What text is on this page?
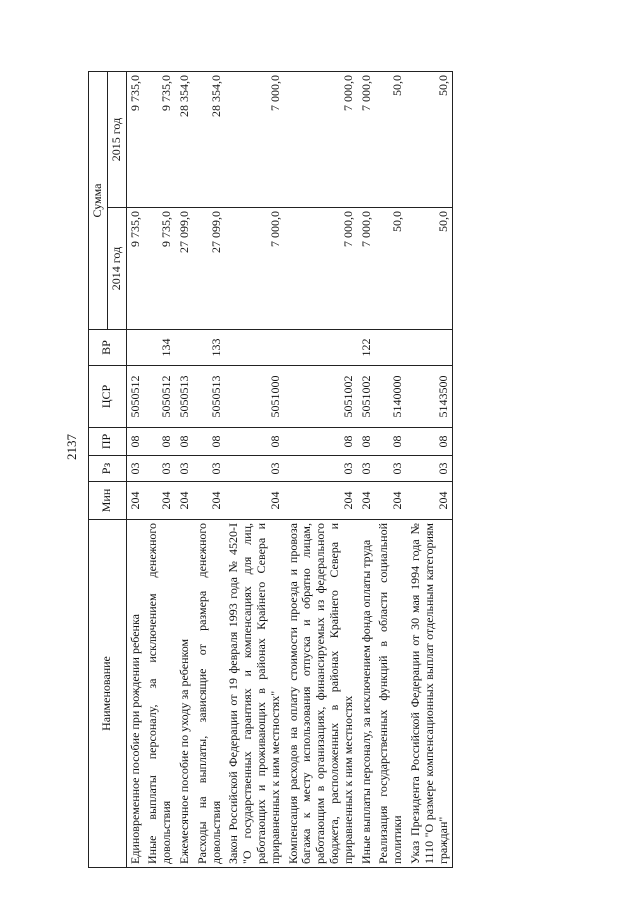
2137
Наименование	Мин	Рз	ПР	ЦСР	ВР	Сумма	
						2014 год	2015 год
Единовременное пособие при рождении ребенка	204	03	08	5050512		9 735,0	9 735,0
Иные выплаты персоналу, за исключением денежного довольствия	204	03	08	5050512	134	9 735,0	9 735,0
Ежемесячное пособие по уходу за ребенком	204	03	08	5050513		27 099,0	28 354,0
Расходы на выплаты, зависящие от размера денежного довольствия	204	03	08	5050513	133	27 099,0	28 354,0
Закон Российской Федерации от 19 февраля 1993 года № 4520-I "О государственных гарантиях и компенсациях для лиц, работающих и проживающих в районах Крайнего Севера и приравненных к ним местностях"	204	03	08	5051000		7 000,0	7 000,0
Компенсация расходов на оплату стоимости проезда и провоза багажа к месту использования отпуска и обратно лицам, работающим в организациях, финансируемых из федерального бюджета, расположенных в районах Крайнего Севера и приравненных к ним местностях	204	03	08	5051002		7 000,0	7 000,0
Иные выплаты персоналу, за исключением фонда оплаты труда	204	03	08	5051002	122	7 000,0	7 000,0
Реализация государственных функций в области социальной политики	204	03	08	5140000		50,0	50,0
Указ Президента Российской Федерации от 30 мая 1994 года № 1110 "О размере компенсационных выплат отдельным категориям граждан"	204	03	08	5143500		50,0	50,0
